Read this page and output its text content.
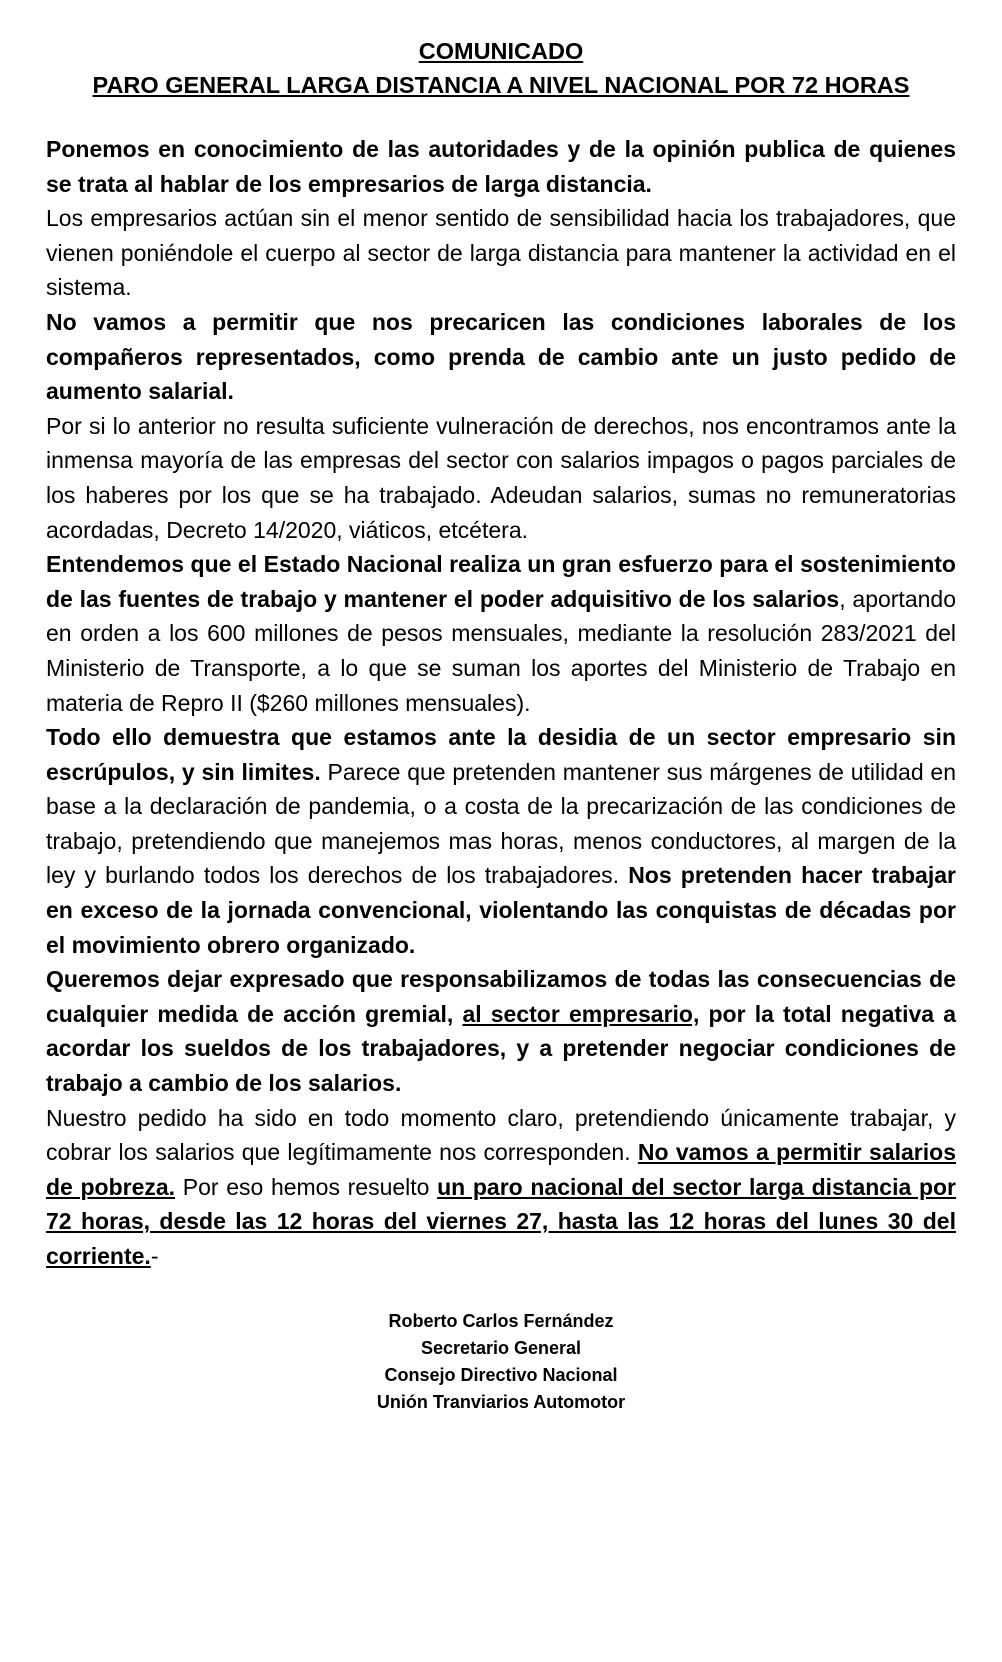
COMUNICADO
PARO GENERAL LARGA DISTANCIA A NIVEL NACIONAL POR 72 HORAS

Ponemos en conocimiento de las autoridades y de la opinión publica de quienes se trata al hablar de los empresarios de larga distancia.

Los empresarios actúan sin el menor sentido de sensibilidad hacia los trabajadores, que vienen poniéndole el cuerpo al sector de larga distancia para mantener la actividad en el sistema.

No vamos a permitir que nos precaricen las condiciones laborales de los compañeros representados, como prenda de cambio ante un justo pedido de aumento salarial.

Por si lo anterior no resulta suficiente vulneración de derechos, nos encontramos ante la inmensa mayoría de las empresas del sector con salarios impagos o pagos parciales de los haberes por los que se ha trabajado. Adeudan salarios, sumas no remuneratorias acordadas, Decreto 14/2020, viáticos, etcétera.

Entendemos que el Estado Nacional realiza un gran esfuerzo para el sostenimiento de las fuentes de trabajo y mantener el poder adquisitivo de los salarios, aportando en orden a los 600 millones de pesos mensuales, mediante la resolución 283/2021 del Ministerio de Transporte, a lo que se suman los aportes del Ministerio de Trabajo en materia de Repro II ($260 millones mensuales).

Todo ello demuestra que estamos ante la desidia de un sector empresario sin escrúpulos, y sin limites. Parece que pretenden mantener sus márgenes de utilidad en base a la declaración de pandemia, o a costa de la precarización de las condiciones de trabajo, pretendiendo que manejemos mas horas, menos conductores, al margen de la ley y burlando todos los derechos de los trabajadores. Nos pretenden hacer trabajar en exceso de la jornada convencional, violentando las conquistas de décadas por el movimiento obrero organizado.

Queremos dejar expresado que responsabilizamos de todas las consecuencias de cualquier medida de acción gremial, al sector empresario, por la total negativa a acordar los sueldos de los trabajadores, y a pretender negociar condiciones de trabajo a cambio de los salarios.

Nuestro pedido ha sido en todo momento claro, pretendiendo únicamente trabajar, y cobrar los salarios que legítimamente nos corresponden. No vamos a permitir salarios de pobreza. Por eso hemos resuelto un paro nacional del sector larga distancia por 72 horas, desde las 12 horas del viernes 27, hasta las 12 horas del lunes 30 del corriente.-

Roberto Carlos Fernández
Secretario General
Consejo Directivo Nacional
Unión Tranviarios Automotor
